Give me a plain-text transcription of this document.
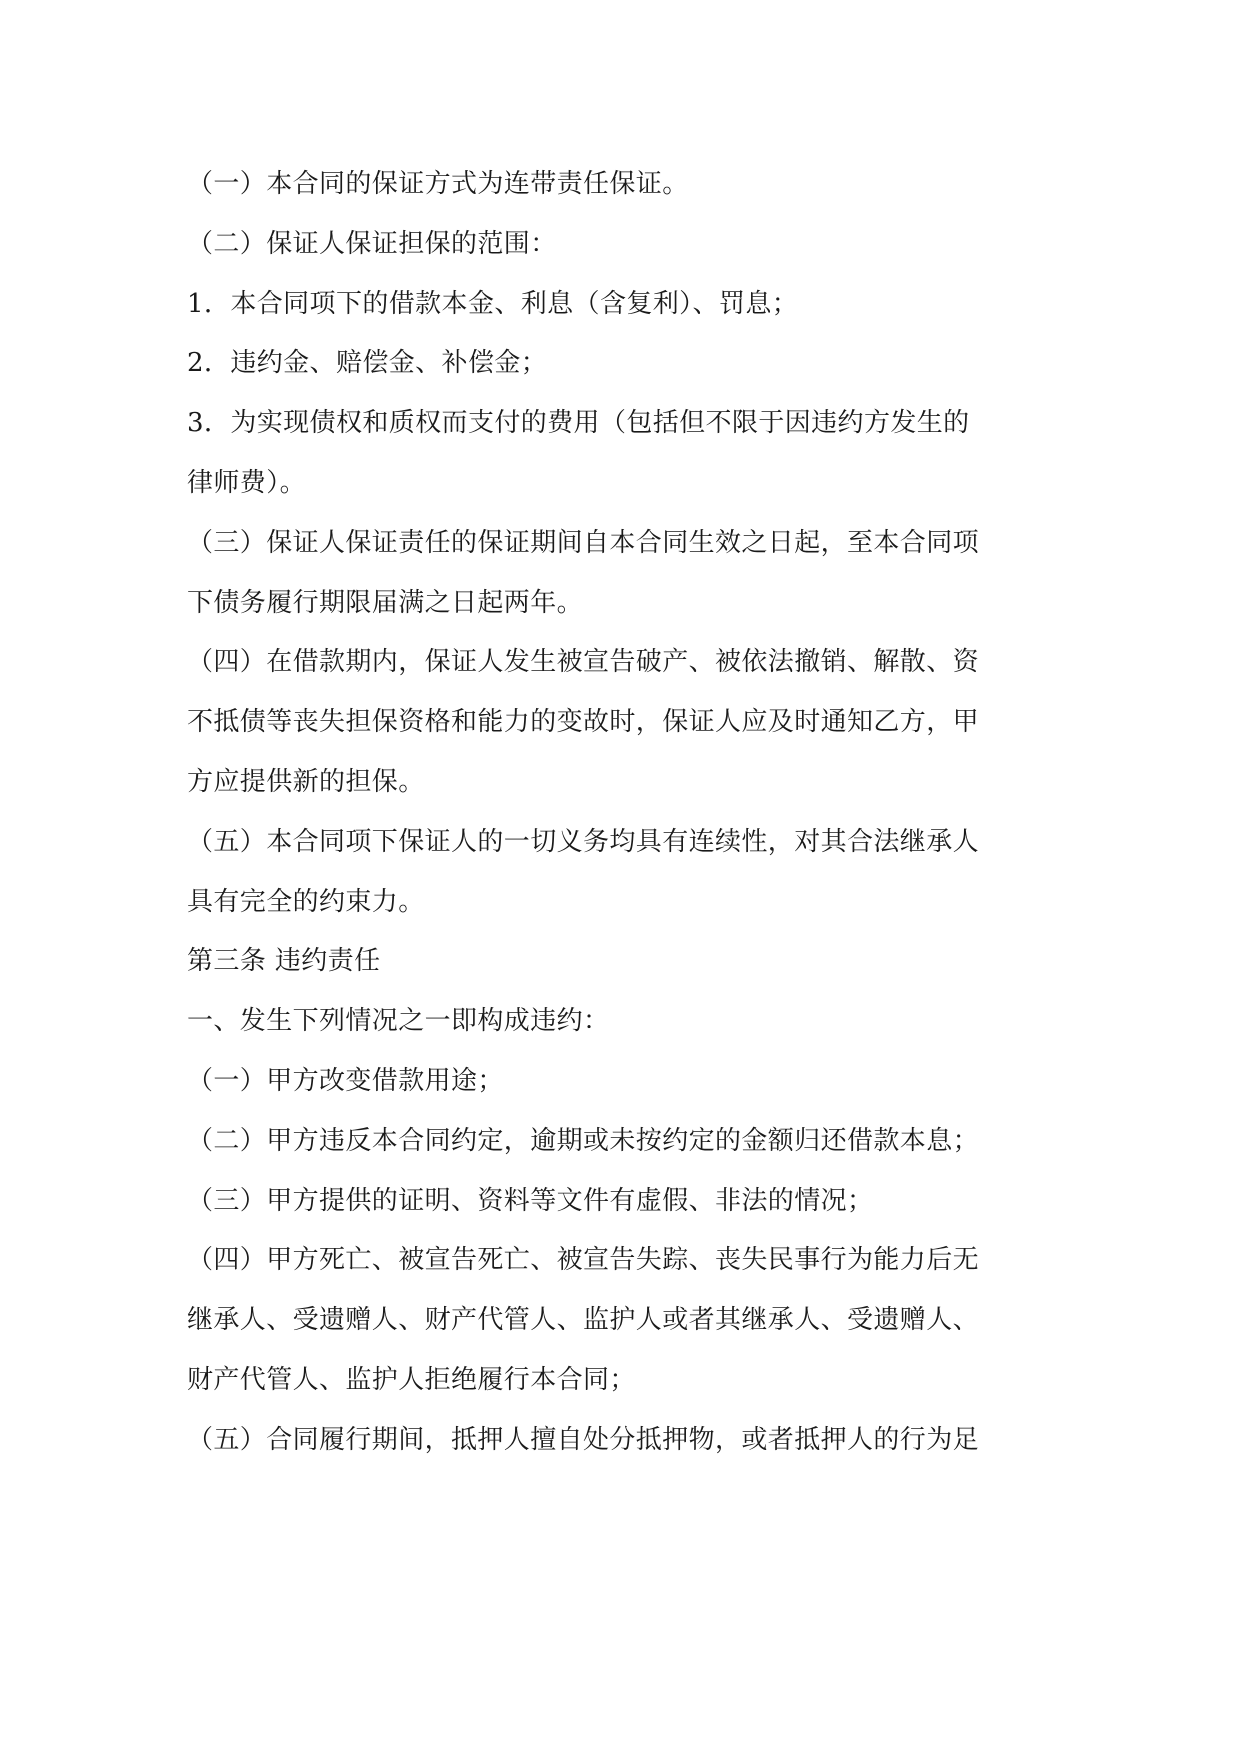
（一）本合同的保证方式为连带责任保证。
（二）保证人保证担保的范围：
1．本合同项下的借款本金、利息（含复利）、罚息；
2．违约金、赔偿金、补偿金；
3．为实现债权和质权而支付的费用（包括但不限于因违约方发生的
律师费）。
（三）保证人保证责任的保证期间自本合同生效之日起，至本合同项
下债务履行期限届满之日起两年。
（四）在借款期内，保证人发生被宣告破产、被依法撤销、解散、资
不抵债等丧失担保资格和能力的变故时，保证人应及时通知乙方，甲
方应提供新的担保。
（五）本合同项下保证人的一切义务均具有连续性，对其合法继承人
具有完全的约束力。
第三条 违约责任
一、发生下列情况之一即构成违约：
（一）甲方改变借款用途；
（二）甲方违反本合同约定，逾期或未按约定的金额归还借款本息；
（三）甲方提供的证明、资料等文件有虚假、非法的情况；
（四）甲方死亡、被宣告死亡、被宣告失踪、丧失民事行为能力后无
继承人、受遗赠人、财产代管人、监护人或者其继承人、受遗赠人、
财产代管人、监护人拒绝履行本合同；
（五）合同履行期间，抵押人擅自处分抵押物，或者抵押人的行为足
